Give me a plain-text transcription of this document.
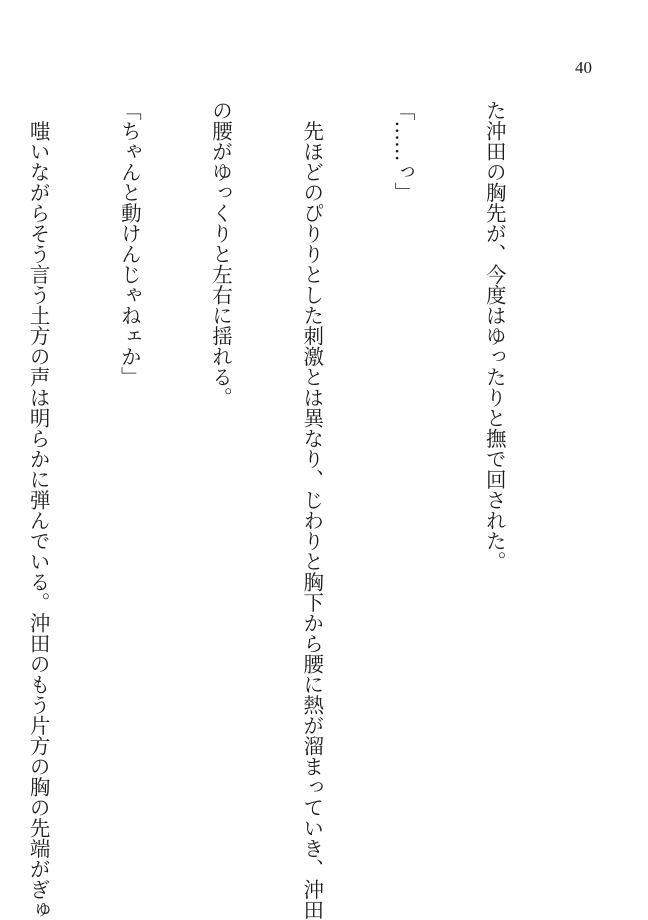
40

た沖田の胸先が、今度はゆったりと撫で回された。

「……っ」

　先ほどのぴりりとした刺激とは異なり、じわりと胸下から腰に熱が溜まっていき、沖田

の腰がゆっくりと左右に揺れる。

「ちゃんと動けんじゃねェか」

　嗤いながらそう言う土方の声は明らかに弾んでいる。沖田のもう片方の胸の先端がぎゅ
